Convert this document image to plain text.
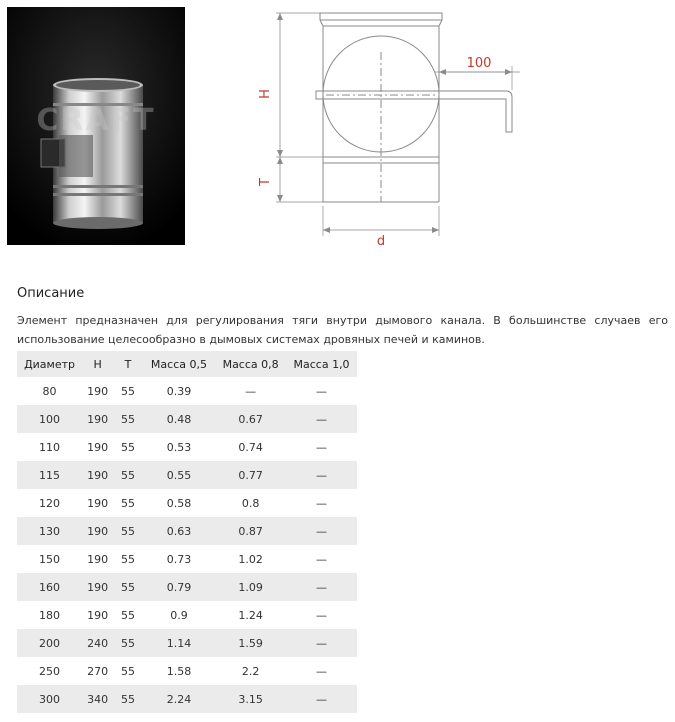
CRAFT
H
T
d
100
Описание

Элемент предназначен для регулирования тяги внутри дымового канала. В большинстве случаев его использование целесообразно в дымовых системах дровяных печей и каминов.

Диаметр	H	T	Масса 0,5	Масса 0,8	Масса 1,0
80	190	55	0.39	—	—
100	190	55	0.48	0.67	—
110	190	55	0.53	0.74	—
115	190	55	0.55	0.77	—
120	190	55	0.58	0.8	—
130	190	55	0.63	0.87	—
150	190	55	0.73	1.02	—
160	190	55	0.79	1.09	—
180	190	55	0.9	1.24	—
200	240	55	1.14	1.59	—
250	270	55	1.58	2.2	—
300	340	55	2.24	3.15	—
